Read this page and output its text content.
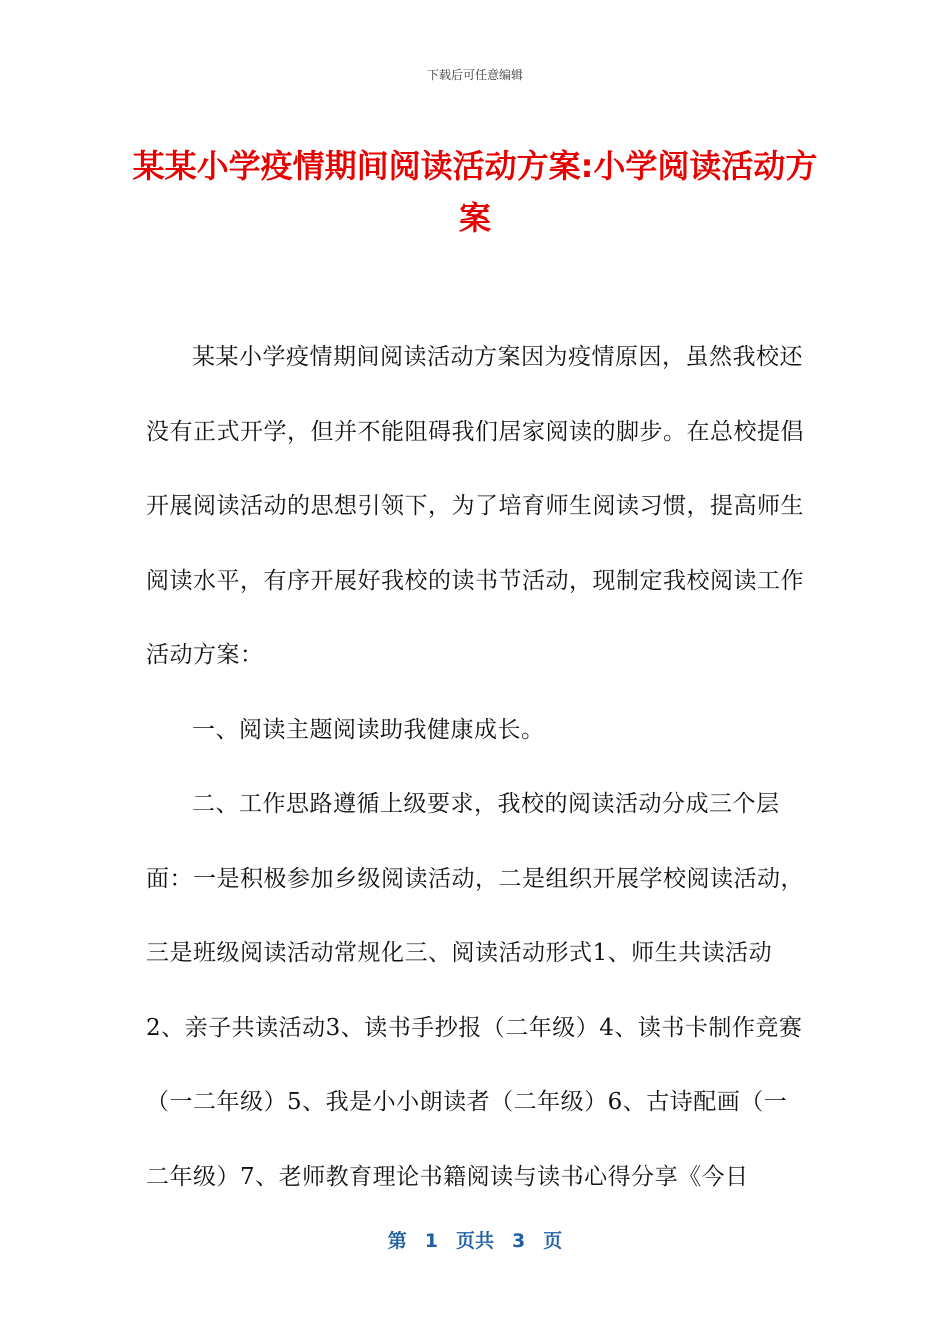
下载后可任意编辑
某某小学疫情期间阅读活动方案:小学阅读活动方案

某某小学疫情期间阅读活动方案因为疫情原因，虽然我校还没有正式开学，但并不能阻碍我们居家阅读的脚步。在总校提倡开展阅读活动的思想引领下，为了培育师生阅读习惯，提高师生阅读水平，有序开展好我校的读书节活动，现制定我校阅读工作活动方案：

一、阅读主题阅读助我健康成长。

二、工作思路遵循上级要求，我校的阅读活动分成三个层面：一是积极参加乡级阅读活动，二是组织开展学校阅读活动，三是班级阅读活动常规化三、阅读活动形式1、师生共读活动2、亲子共读活动3、读书手抄报（二年级）4、读书卡制作竞赛（一二年级）5、我是小小朗读者（二年级）6、古诗配画（一二年级）7、老师教育理论书籍阅读与读书心得分享《今日

第 1 页共 3 页
